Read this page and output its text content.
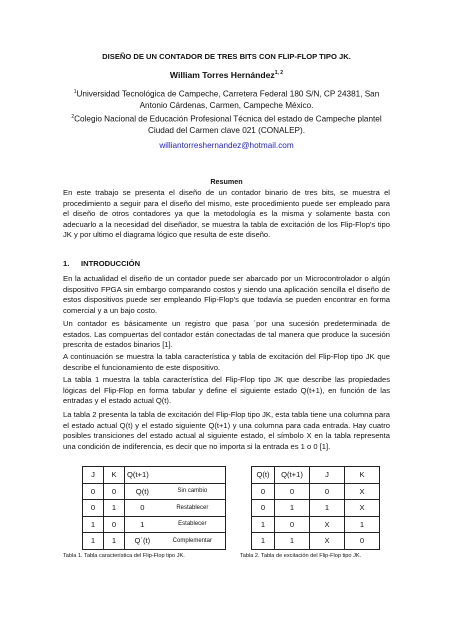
DISEÑO DE UN CONTADOR DE TRES BITS CON FLIP-FLOP TIPO JK.
William Torres Hernández$^{1, 2}$
$^1$Universidad Tecnológica de Campeche, Carretera Federal 180 S/N, CP 24381, San
Antonio Cárdenas, Carmen, Campeche México.
$^2$Colegio Nacional de Educación Profesional Técnica del estado de Campeche plantel
Ciudad del Carmen clave 021 (CONALEP).
williantorreshernandez@hotmail.com
Resumen
En este trabajo se presenta el diseño de un contador binario de tres bits, se muestra el procedimiento a seguir para el diseño del mismo, este procedimiento puede ser empleado para el diseño de otros contadores ya que la metodología es la misma y solamente basta con adecuarlo a la necesidad del diseñador, se muestra la tabla de excitación de los Flip-Flop's tipo JK y por ultimo el diagrama lógico que resulta de este diseño.
1. INTRODUCCIÓN
En la actualidad el diseño de un contador puede ser abarcado por un Microcontrolador o algún dispositivo FPGA sin embargo comparando costos y siendo una aplicación sencilla el diseño de estos dispositivos puede ser empleando Flip-Flop's que todavía se pueden encontrar en forma comercial y a un bajo costo.
Un contador es básicamente un registro que pasa ´por una sucesión predeterminada de estados. Las compuertas del contador están conectadas de tal manera que produce la sucesión prescrita de estados binarios [1].
A continuación se muestra la tabla característica y tabla de excitación del Flip-Flop tipo JK que describe el funcionamiento de este dispositivo.
La tabla 1 muestra la tabla característica del Flip-Flop tipo JK que describe las propiedades lógicas del Flip-Flop en forma tabular y define el siguiente estado Q(t+1), en función de las entradas y el estado actual Q(t).
La tabla 2 presenta la tabla de excitación del Flip-Flop tipo JK, esta tabla tiene una columna para el estado actual Q(t) y el estado siguiente Q(t+1) y una columna para cada entrada. Hay cuatro posibles transiciones del estado actual al siguiente estado, el símbolo X en la tabla representa una condición de indiferencia, es decir que no importa si la entrada es 1 o 0 [1].
J	K	Q(t+1)	
0	0	Q(t)	Sin cambio
0	1	0	Restablecer
1	0	1	Establecer
1	1	Q´(t)	Complementar
Tabla 1. Tabla característica del Flip-Flop tipo JK.
Q(t)	Q(t+1)	J	K
0	0	0	X
0	1	1	X
1	0	X	1
1	1	X	0
Tabla 2. Tabla de excitación del Flip-Flop tipo JK.
